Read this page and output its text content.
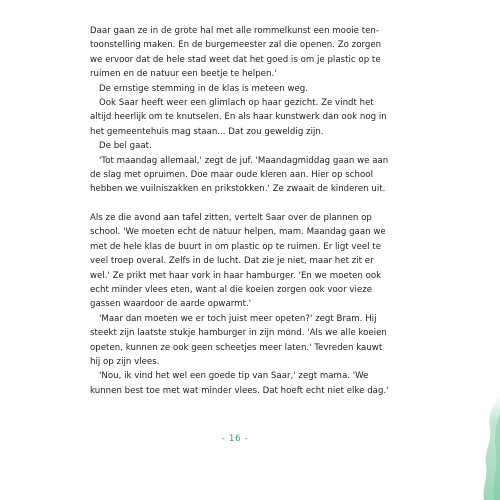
Daar gaan ze in de grote hal met alle rommelkunst een mooie ten-
toonstelling maken. En de burgemeester zal die openen. Zo zorgen
we ervoor dat de hele stad weet dat het goed is om je plastic op te
ruimen en de natuur een beetje te helpen.'
De ernstige stemming in de klas is meteen weg.
Ook Saar heeft weer een glimlach op haar gezicht. Ze vindt het
altijd heerlijk om te knutselen. En als haar kunstwerk dan ook nog in
het gemeentehuis mag staan... Dat zou geweldig zijn.
De bel gaat.
'Tot maandag allemaal,' zegt de juf. 'Maandagmiddag gaan we aan
de slag met opruimen. Doe maar oude kleren aan. Hier op school
hebben we vuilniszakken en prikstokken.' Ze zwaait de kinderen uit.
Als ze die avond aan tafel zitten, vertelt Saar over de plannen op
school. 'We moeten echt de natuur helpen, mam. Maandag gaan we
met de hele klas de buurt in om plastic op te ruimen. Er ligt veel te
veel troep overal. Zelfs in de lucht. Dat zie je niet, maar het zit er
wel.' Ze prikt met haar vork in haar hamburger. 'En we moeten ook
echt minder vlees eten, want al die koeien zorgen ook voor vieze
gassen waardoor de aarde opwarmt.'
'Maar dan moeten we er toch juist meer opeten?' zegt Bram. Hij
steekt zijn laatste stukje hamburger in zijn mond. 'Als we alle koeien
opeten, kunnen ze ook geen scheetjes meer laten.' Tevreden kauwt
hij op zijn vlees.
'Nou, ik vind het wel een goede tip van Saar,' zegt mama. 'We
kunnen best toe met wat minder vlees. Dat hoeft echt niet elke dag.'
- 16 -
